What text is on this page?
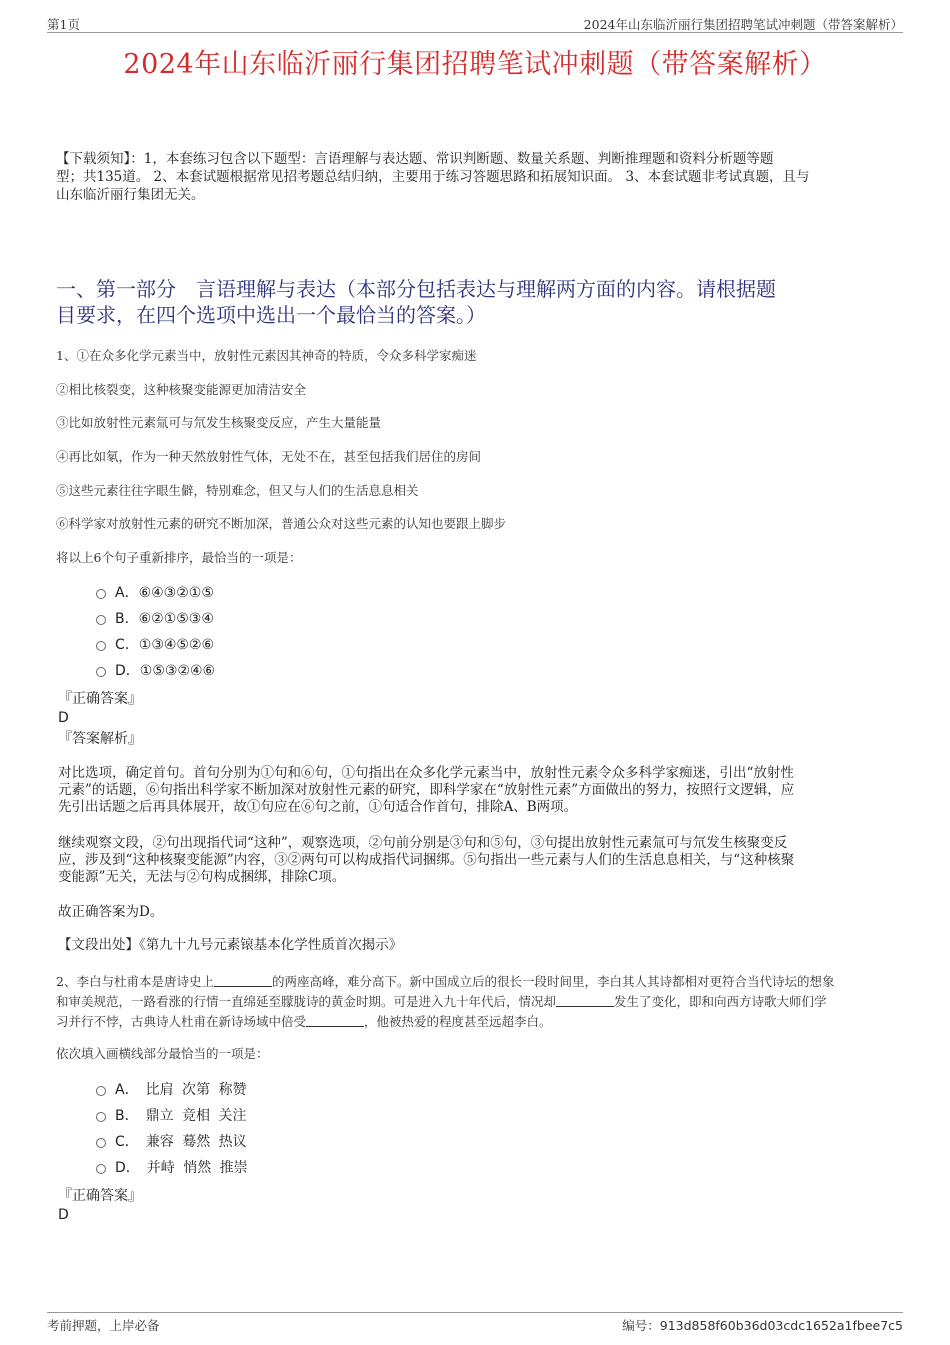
第1页	2024年山东临沂丽行集团招聘笔试冲刺题（带答案解析）
2024年山东临沂丽行集团招聘笔试冲刺题（带答案解析）
【下载须知】：1，本套练习包含以下题型：言语理解与表达题、常识判断题、数量关系题、判断推理题和资料分析题等题
型；共135道。 2、本套试题根据常见招考题总结归纳，主要用于练习答题思路和拓展知识面。 3、本套试题非考试真题，且与
山东临沂丽行集团无关。
一、第一部分　言语理解与表达（本部分包括表达与理解两方面的内容。请根据题
目要求，在四个选项中选出一个最恰当的答案。）
1、①在众多化学元素当中，放射性元素因其神奇的特质，令众多科学家痴迷
②相比核裂变，这种核聚变能源更加清洁安全
③比如放射性元素氚可与氘发生核聚变反应，产生大量能量
④再比如氡，作为一种天然放射性气体，无处不在，甚至包括我们居住的房间
⑤这些元素往往字眼生僻，特别难念，但又与人们的生活息息相关
⑥科学家对放射性元素的研究不断加深，普通公众对这些元素的认知也要跟上脚步
将以上6个句子重新排序，最恰当的一项是：
A．⑥④③②①⑤
B．⑥②①⑤③④
C．①③④⑤②⑥
D．①⑤③②④⑥
『正确答案』
D
『答案解析』
对比选项，确定首句。首句分别为①句和⑥句，①句指出在众多化学元素当中，放射性元素令众多科学家痴迷，引出“放射性
元素”的话题，⑥句指出科学家不断加深对放射性元素的研究，即科学家在“放射性元素”方面做出的努力，按照行文逻辑，应
先引出话题之后再具体展开，故①句应在⑥句之前，①句适合作首句，排除A、B两项。
继续观察文段，②句出现指代词“这种”，观察选项，②句前分别是③句和⑤句，③句提出放射性元素氚可与氘发生核聚变反
应，涉及到“这种核聚变能源”内容，③②两句可以构成指代词捆绑。⑤句指出一些元素与人们的生活息息相关，与“这种核聚
变能源”无关，无法与②句构成捆绑，排除C项。
故正确答案为D。
【文段出处】《第九十九号元素锿基本化学性质首次揭示》
2、李白与杜甫本是唐诗史上	的两座高峰，难分高下。新中国成立后的很长一段时间里，李白其人其诗都相对更符合当代诗坛的想象
和审美规范，一路看涨的行情一直绵延至朦胧诗的黄金时期。可是进入九十年代后，情况却	发生了变化，即和向西方诗歌大师们学
习并行不悖，古典诗人杜甫在新诗场域中倍受	，他被热爱的程度甚至远超李白。
依次填入画横线部分最恰当的一项是：
A．　比肩 次第 称赞
B．　鼎立 竞相 关注
C．　兼容 蓦然 热议
D．　并峙 悄然 推崇
『正确答案』
D
考前押题，上岸必备	编号：913d858f60b36d03cdc1652a1fbee7c5
